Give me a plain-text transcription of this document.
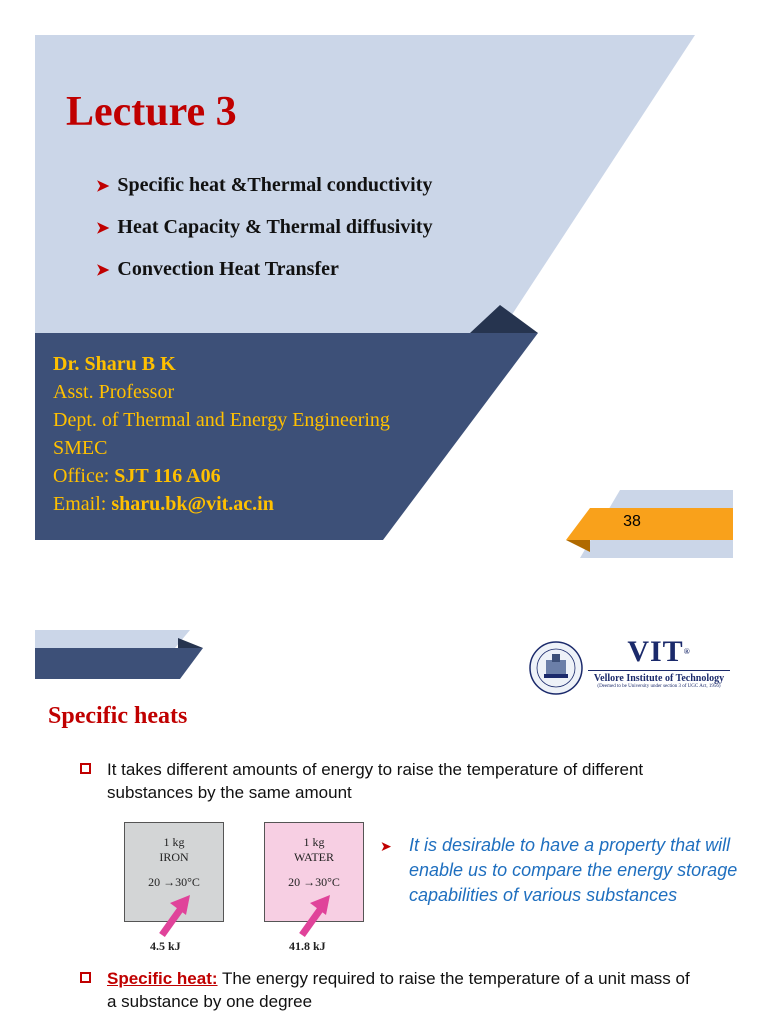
Lecture 3
➤ Specific heat &Thermal conductivity
➤ Heat Capacity & Thermal diffusivity
➤ Convection Heat Transfer
Dr. Sharu B K
Asst. Professor
Dept. of Thermal and Energy Engineering
SMEC
Office: SJT 116 A06
Email: sharu.bk@vit.ac.in
38
VIT®
Vellore Institute of Technology
(Deemed to be University under section 3 of UGC Act, 1956)
Specific heats
It takes different amounts of energy to raise the temperature of different substances by the same amount
1 kg
IRON
20 →30°C
1 kg
WATER
20 →30°C
4.5 kJ	41.8 kJ
➤ It is desirable to have a property that will enable us to compare the energy storage capabilities of various substances
Specific heat: The energy required to raise the temperature of a unit mass of a substance by one degree
